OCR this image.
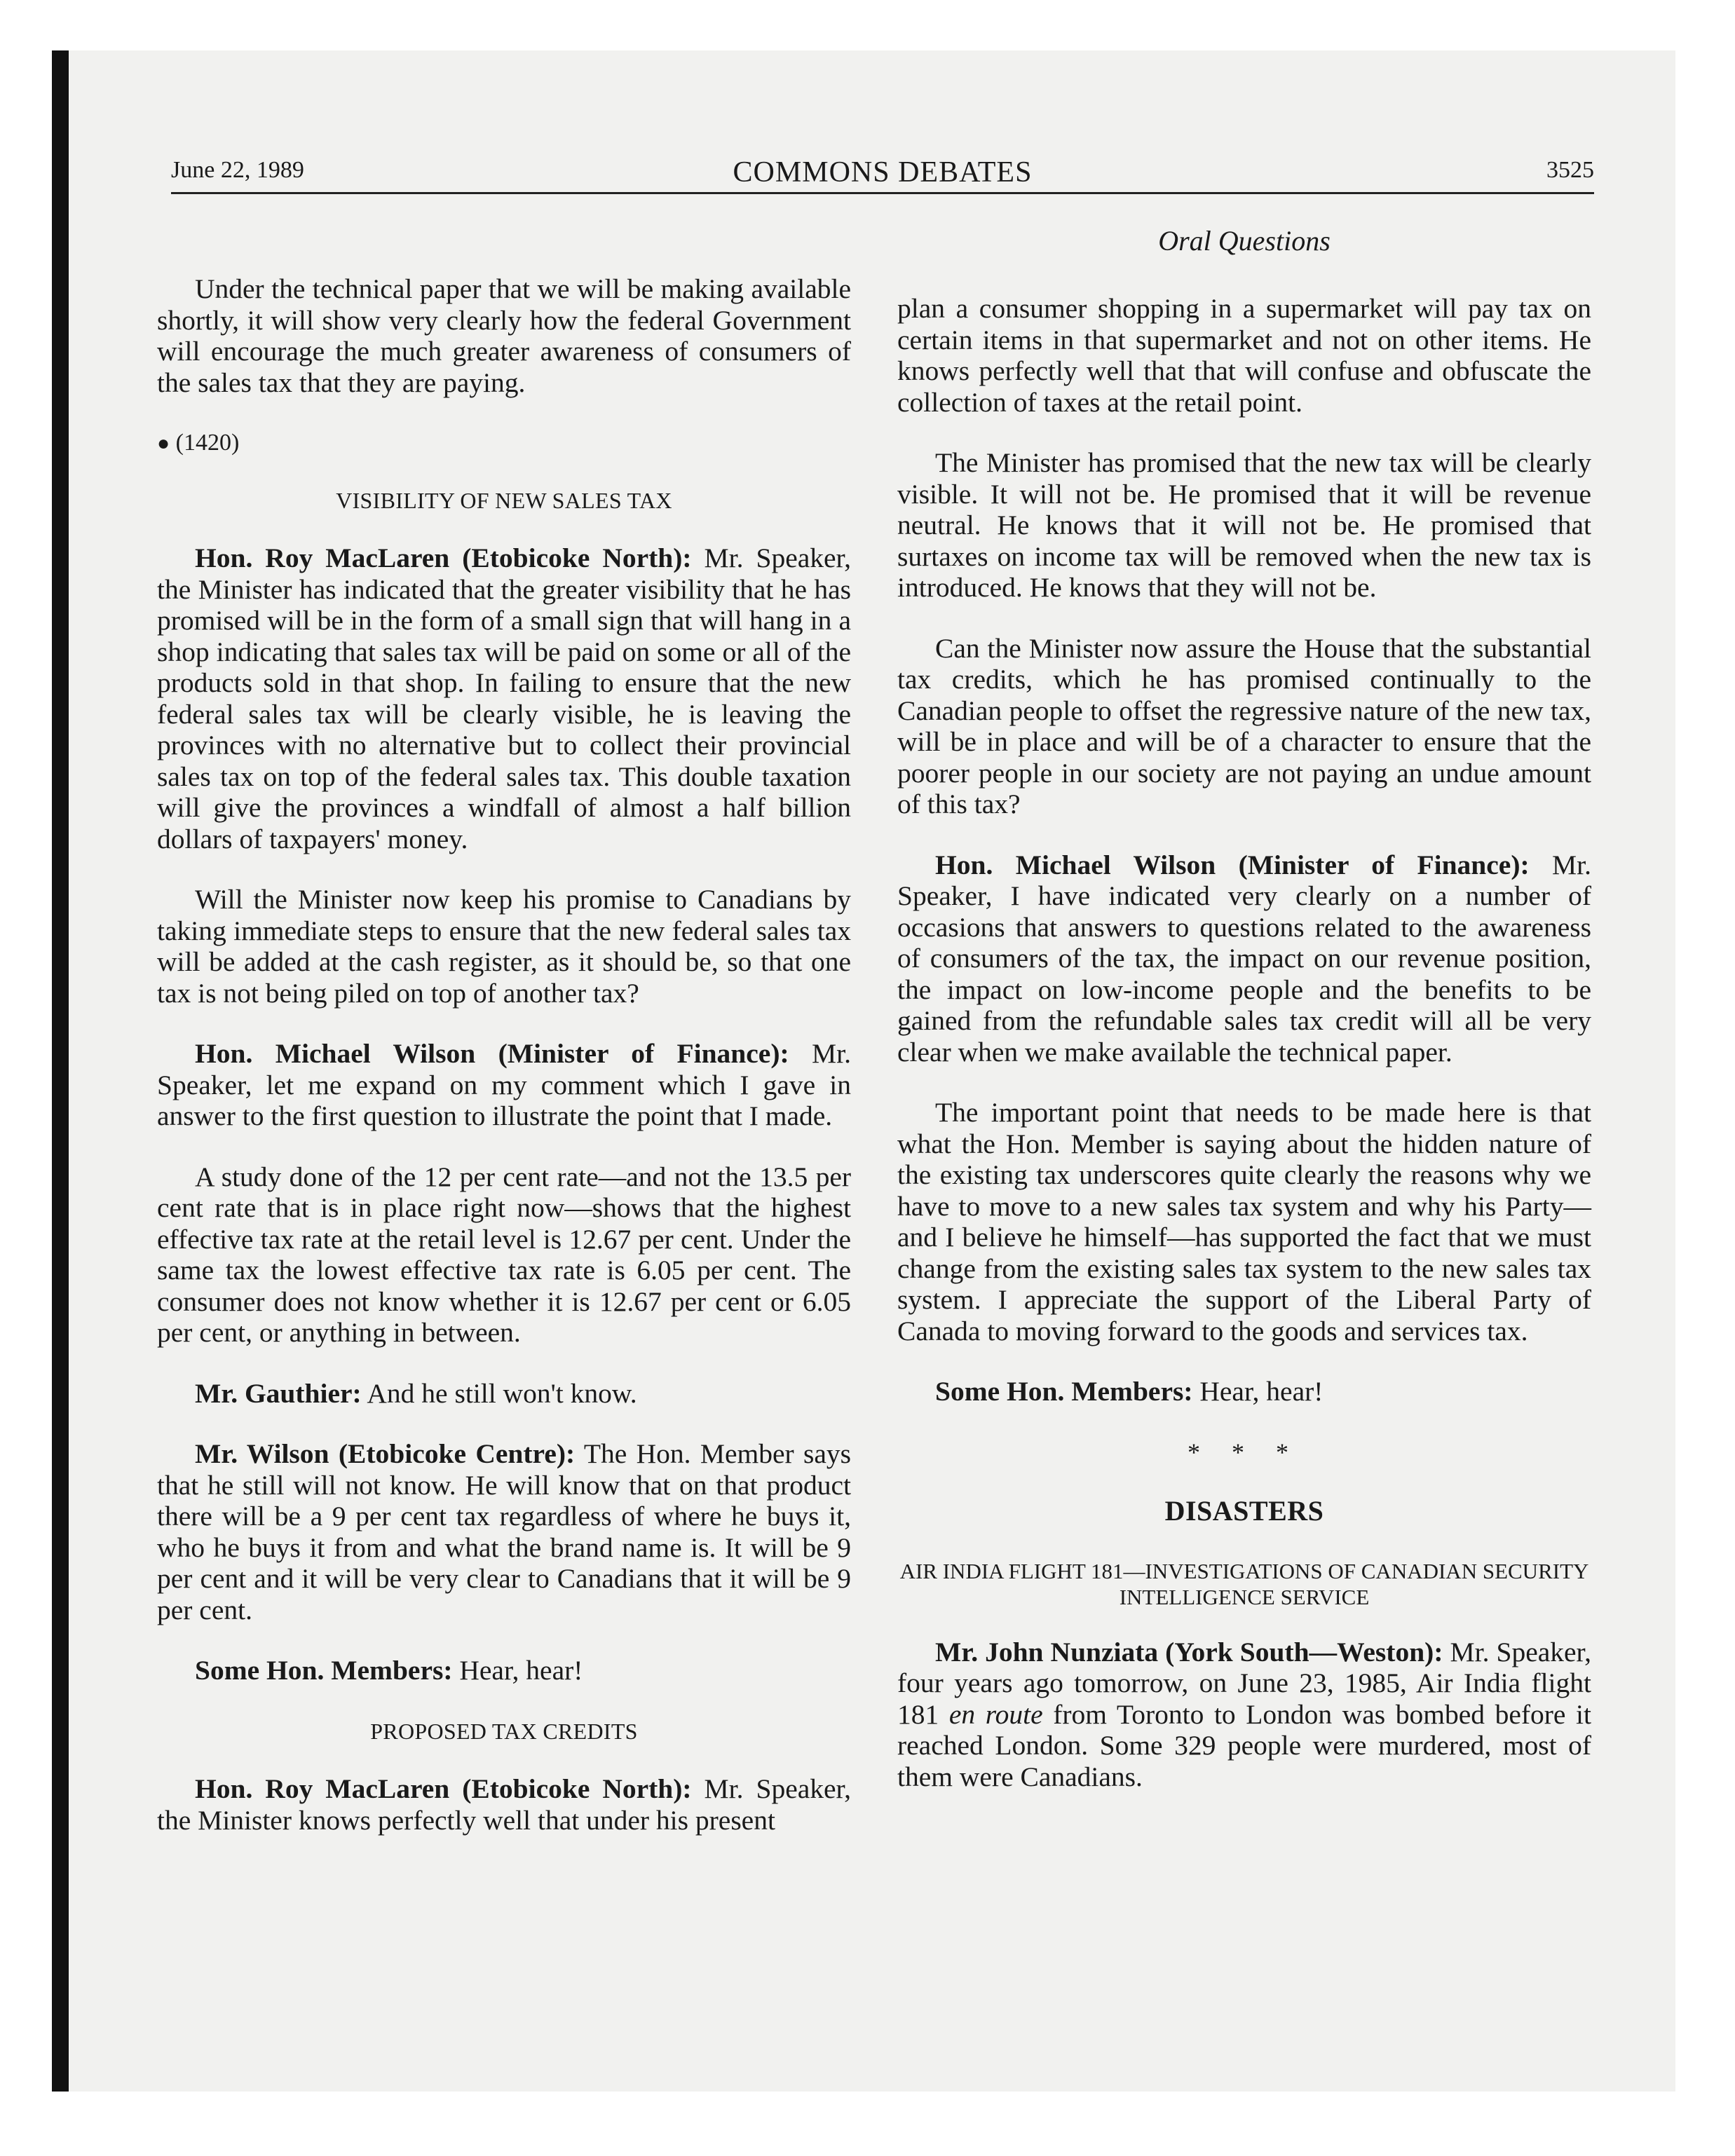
June 22, 1989	COMMONS DEBATES	3525
Oral Questions

Under the technical paper that we will be making available shortly, it will show very clearly how the federal Government will encourage the much greater awareness of consumers of the sales tax that they are paying.

● (1420)

VISIBILITY OF NEW SALES TAX

Hon. Roy MacLaren (Etobicoke North): Mr. Speaker, the Minister has indicated that the greater visibility that he has promised will be in the form of a small sign that will hang in a shop indicating that sales tax will be paid on some or all of the products sold in that shop. In failing to ensure that the new federal sales tax will be clearly visible, he is leaving the provinces with no alternative but to collect their provincial sales tax on top of the federal sales tax. This double taxation will give the provinces a windfall of almost a half billion dollars of taxpayers' money.

Will the Minister now keep his promise to Canadians by taking immediate steps to ensure that the new federal sales tax will be added at the cash register, as it should be, so that one tax is not being piled on top of another tax?

Hon. Michael Wilson (Minister of Finance): Mr. Speaker, let me expand on my comment which I gave in answer to the first question to illustrate the point that I made.

A study done of the 12 per cent rate—and not the 13.5 per cent rate that is in place right now—shows that the highest effective tax rate at the retail level is 12.67 per cent. Under the same tax the lowest effective tax rate is 6.05 per cent. The consumer does not know whether it is 12.67 per cent or 6.05 per cent, or anything in between.

Mr. Gauthier: And he still won't know.

Mr. Wilson (Etobicoke Centre): The Hon. Member says that he still will not know. He will know that on that product there will be a 9 per cent tax regardless of where he buys it, who he buys it from and what the brand name is. It will be 9 per cent and it will be very clear to Canadians that it will be 9 per cent.

Some Hon. Members: Hear, hear!

PROPOSED TAX CREDITS

Hon. Roy MacLaren (Etobicoke North): Mr. Speaker, the Minister knows perfectly well that under his present

plan a consumer shopping in a supermarket will pay tax on certain items in that supermarket and not on other items. He knows perfectly well that that will confuse and obfuscate the collection of taxes at the retail point.

The Minister has promised that the new tax will be clearly visible. It will not be. He promised that it will be revenue neutral. He knows that it will not be. He promised that surtaxes on income tax will be removed when the new tax is introduced. He knows that they will not be.

Can the Minister now assure the House that the substantial tax credits, which he has promised continually to the Canadian people to offset the regressive nature of the new tax, will be in place and will be of a character to ensure that the poorer people in our society are not paying an undue amount of this tax?

Hon. Michael Wilson (Minister of Finance): Mr. Speaker, I have indicated very clearly on a number of occasions that answers to questions related to the awareness of consumers of the tax, the impact on our revenue position, the impact on low-income people and the benefits to be gained from the refundable sales tax credit will all be very clear when we make available the technical paper.

The important point that needs to be made here is that what the Hon. Member is saying about the hidden nature of the existing tax underscores quite clearly the reasons why we have to move to a new sales tax system and why his Party—and I believe he himself—has supported the fact that we must change from the existing sales tax system to the new sales tax system. I appreciate the support of the Liberal Party of Canada to moving forward to the goods and services tax.

Some Hon. Members: Hear, hear!

* * *

DISASTERS

AIR INDIA FLIGHT 181—INVESTIGATIONS OF CANADIAN SECURITY INTELLIGENCE SERVICE

Mr. John Nunziata (York South—Weston): Mr. Speaker, four years ago tomorrow, on June 23, 1985, Air India flight 181 en route from Toronto to London was bombed before it reached London. Some 329 people were murdered, most of them were Canadians.
